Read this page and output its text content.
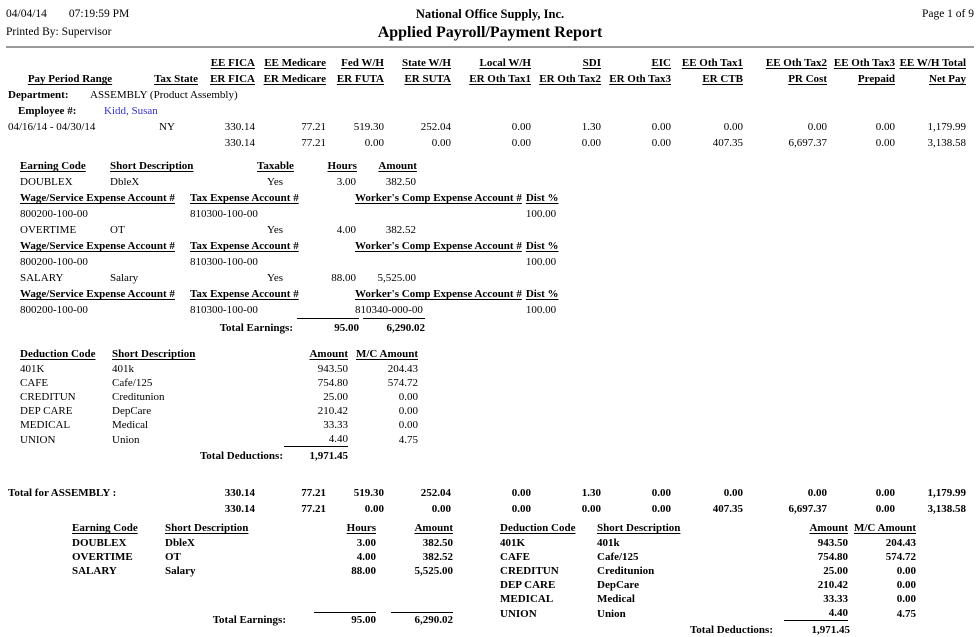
04/04/14 07:19:59 PM
Printed By: Supervisor
National Office Supply, Inc.
Applied Payroll/Payment Report
Page 1 of 9
		EE FICA	EE Medicare	Fed W/H	State W/H	Local W/H	SDI	EIC	EE Oth Tax1	EE Oth Tax2	EE Oth Tax3	EE W/H Total
Pay Period Range	Tax State	ER FICA	ER Medicare	ER FUTA	ER SUTA	ER Oth Tax1	ER Oth Tax2	ER Oth Tax3	ER CTB	PR Cost	Prepaid	Net Pay
Department: ASSEMBLY (Product Assembly)												
Employee #: Kidd, Susan												
04/16/14 - 04/30/14	NY	330.14	77.21	519.30	252.04	0.00	1.30	0.00	0.00	0.00	0.00	1,179.99
		330.14	77.21	0.00	0.00	0.00	0.00	0.00	407.35	6,697.37	0.00	3,138.58
Earning Code	Short Description	Taxable	Hours	Amount
DOUBLEX	DbleX	Yes	3.00	382.50
Wage/Service Expense Account #	Tax Expense Account #	Worker's Comp Expense Account #	Dist %
800200-100-00	810300-100-00		100.00
OVERTIME	OT	Yes	4.00	382.52
Wage/Service Expense Account #	Tax Expense Account #	Worker's Comp Expense Account #	Dist %
800200-100-00	810300-100-00		100.00
SALARY	Salary	Yes	88.00	5,525.00
Wage/Service Expense Account #	Tax Expense Account #	Worker's Comp Expense Account #	Dist %
800200-100-00	810300-100-00	810340-000-00	100.00
Total Earnings:	95.00	6,290.02
Deduction Code	Short Description	Amount	M/C Amount
401K	401k	943.50	204.43
CAFE	Cafe/125	754.80	574.72
CREDITUN	Creditunion	25.00	0.00
DEP CARE	DepCare	210.42	0.00
MEDICAL	Medical	33.33	0.00
UNION	Union	4.40	4.75
Total Deductions:	1,971.45
Total for ASSEMBLY :	330.14	77.21	519.30	252.04	0.00	1.30	0.00	0.00	0.00	0.00	1,179.99
	330.14	77.21	0.00	0.00	0.00	0.00	0.00	407.35	6,697.37	0.00	3,138.58
Earning Code	Short Description	Hours	Amount
DOUBLEX	DbleX	3.00	382.50
OVERTIME	OT	4.00	382.52
SALARY	Salary	88.00	5,525.00
Total Earnings:	95.00	6,290.02
Deduction Code	Short Description	Amount	M/C Amount
401K	401k	943.50	204.43
CAFE	Cafe/125	754.80	574.72
CREDITUN	Creditunion	25.00	0.00
DEP CARE	DepCare	210.42	0.00
MEDICAL	Medical	33.33	0.00
UNION	Union	4.40	4.75
Total Deductions:	1,971.45	
